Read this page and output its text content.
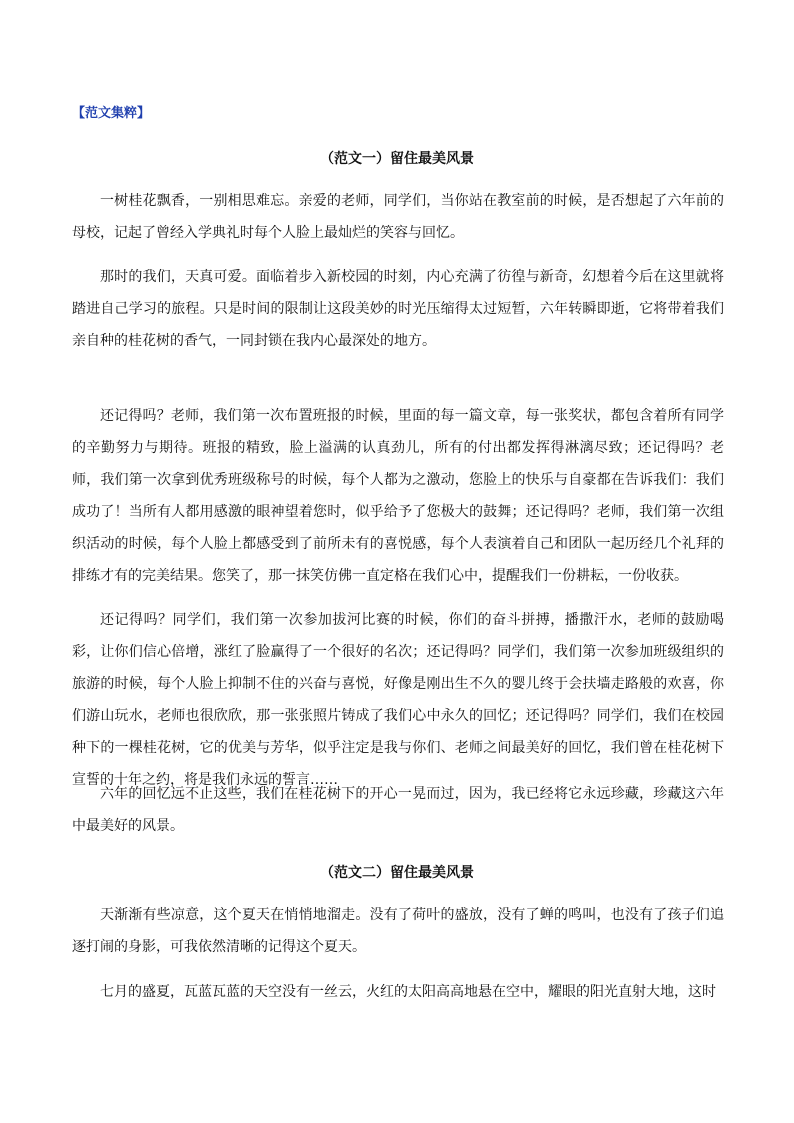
【范文集粹】
（范文一）留住最美风景

一树桂花飘香，一别相思难忘。亲爱的老师，同学们，当你站在教室前的时候，是否想起了六年前的母校，记起了曾经入学典礼时每个人脸上最灿烂的笑容与回忆。

那时的我们，天真可爱。面临着步入新校园的时刻，内心充满了彷徨与新奇，幻想着今后在这里就将踏进自己学习的旅程。只是时间的限制让这段美妙的时光压缩得太过短暂，六年转瞬即逝，它将带着我们亲自种的桂花树的香气，一同封锁在我内心最深处的地方。

还记得吗？老师，我们第一次布置班报的时候，里面的每一篇文章，每一张奖状，都包含着所有同学的辛勤努力与期待。班报的精致，脸上溢满的认真劲儿，所有的付出都发挥得淋漓尽致；还记得吗？老师，我们第一次拿到优秀班级称号的时候，每个人都为之激动，您脸上的快乐与自豪都在告诉我们：我们成功了！当所有人都用感激的眼神望着您时，似乎给予了您极大的鼓舞；还记得吗？老师，我们第一次组织活动的时候，每个人脸上都感受到了前所未有的喜悦感，每个人表演着自己和团队一起历经几个礼拜的排练才有的完美结果。您笑了，那一抹笑仿佛一直定格在我们心中，提醒我们一份耕耘，一份收获。

还记得吗？同学们，我们第一次参加拔河比赛的时候，你们的奋斗拼搏，播撒汗水，老师的鼓励喝彩，让你们信心倍增，涨红了脸赢得了一个很好的名次；还记得吗？同学们，我们第一次参加班级组织的旅游的时候，每个人脸上抑制不住的兴奋与喜悦，好像是刚出生不久的婴儿终于会扶墙走路般的欢喜，你们游山玩水，老师也很欣欣，那一张张照片铸成了我们心中永久的回忆；还记得吗？同学们，我们在校园种下的一棵桂花树，它的优美与芳华，似乎注定是我与你们、老师之间最美好的回忆，我们曾在桂花树下宣誓的十年之约，将是我们永远的誓言……

六年的回忆远不止这些，我们在桂花树下的开心一晃而过，因为，我已经将它永远珍藏，珍藏这六年中最美好的风景。

（范文二）留住最美风景

天渐渐有些凉意，这个夏天在悄悄地溜走。没有了荷叶的盛放，没有了蝉的鸣叫，也没有了孩子们追逐打闹的身影，可我依然清晰的记得这个夏天。

七月的盛夏，瓦蓝瓦蓝的天空没有一丝云，火红的太阳高高地悬在空中，耀眼的阳光直射大地，这时
